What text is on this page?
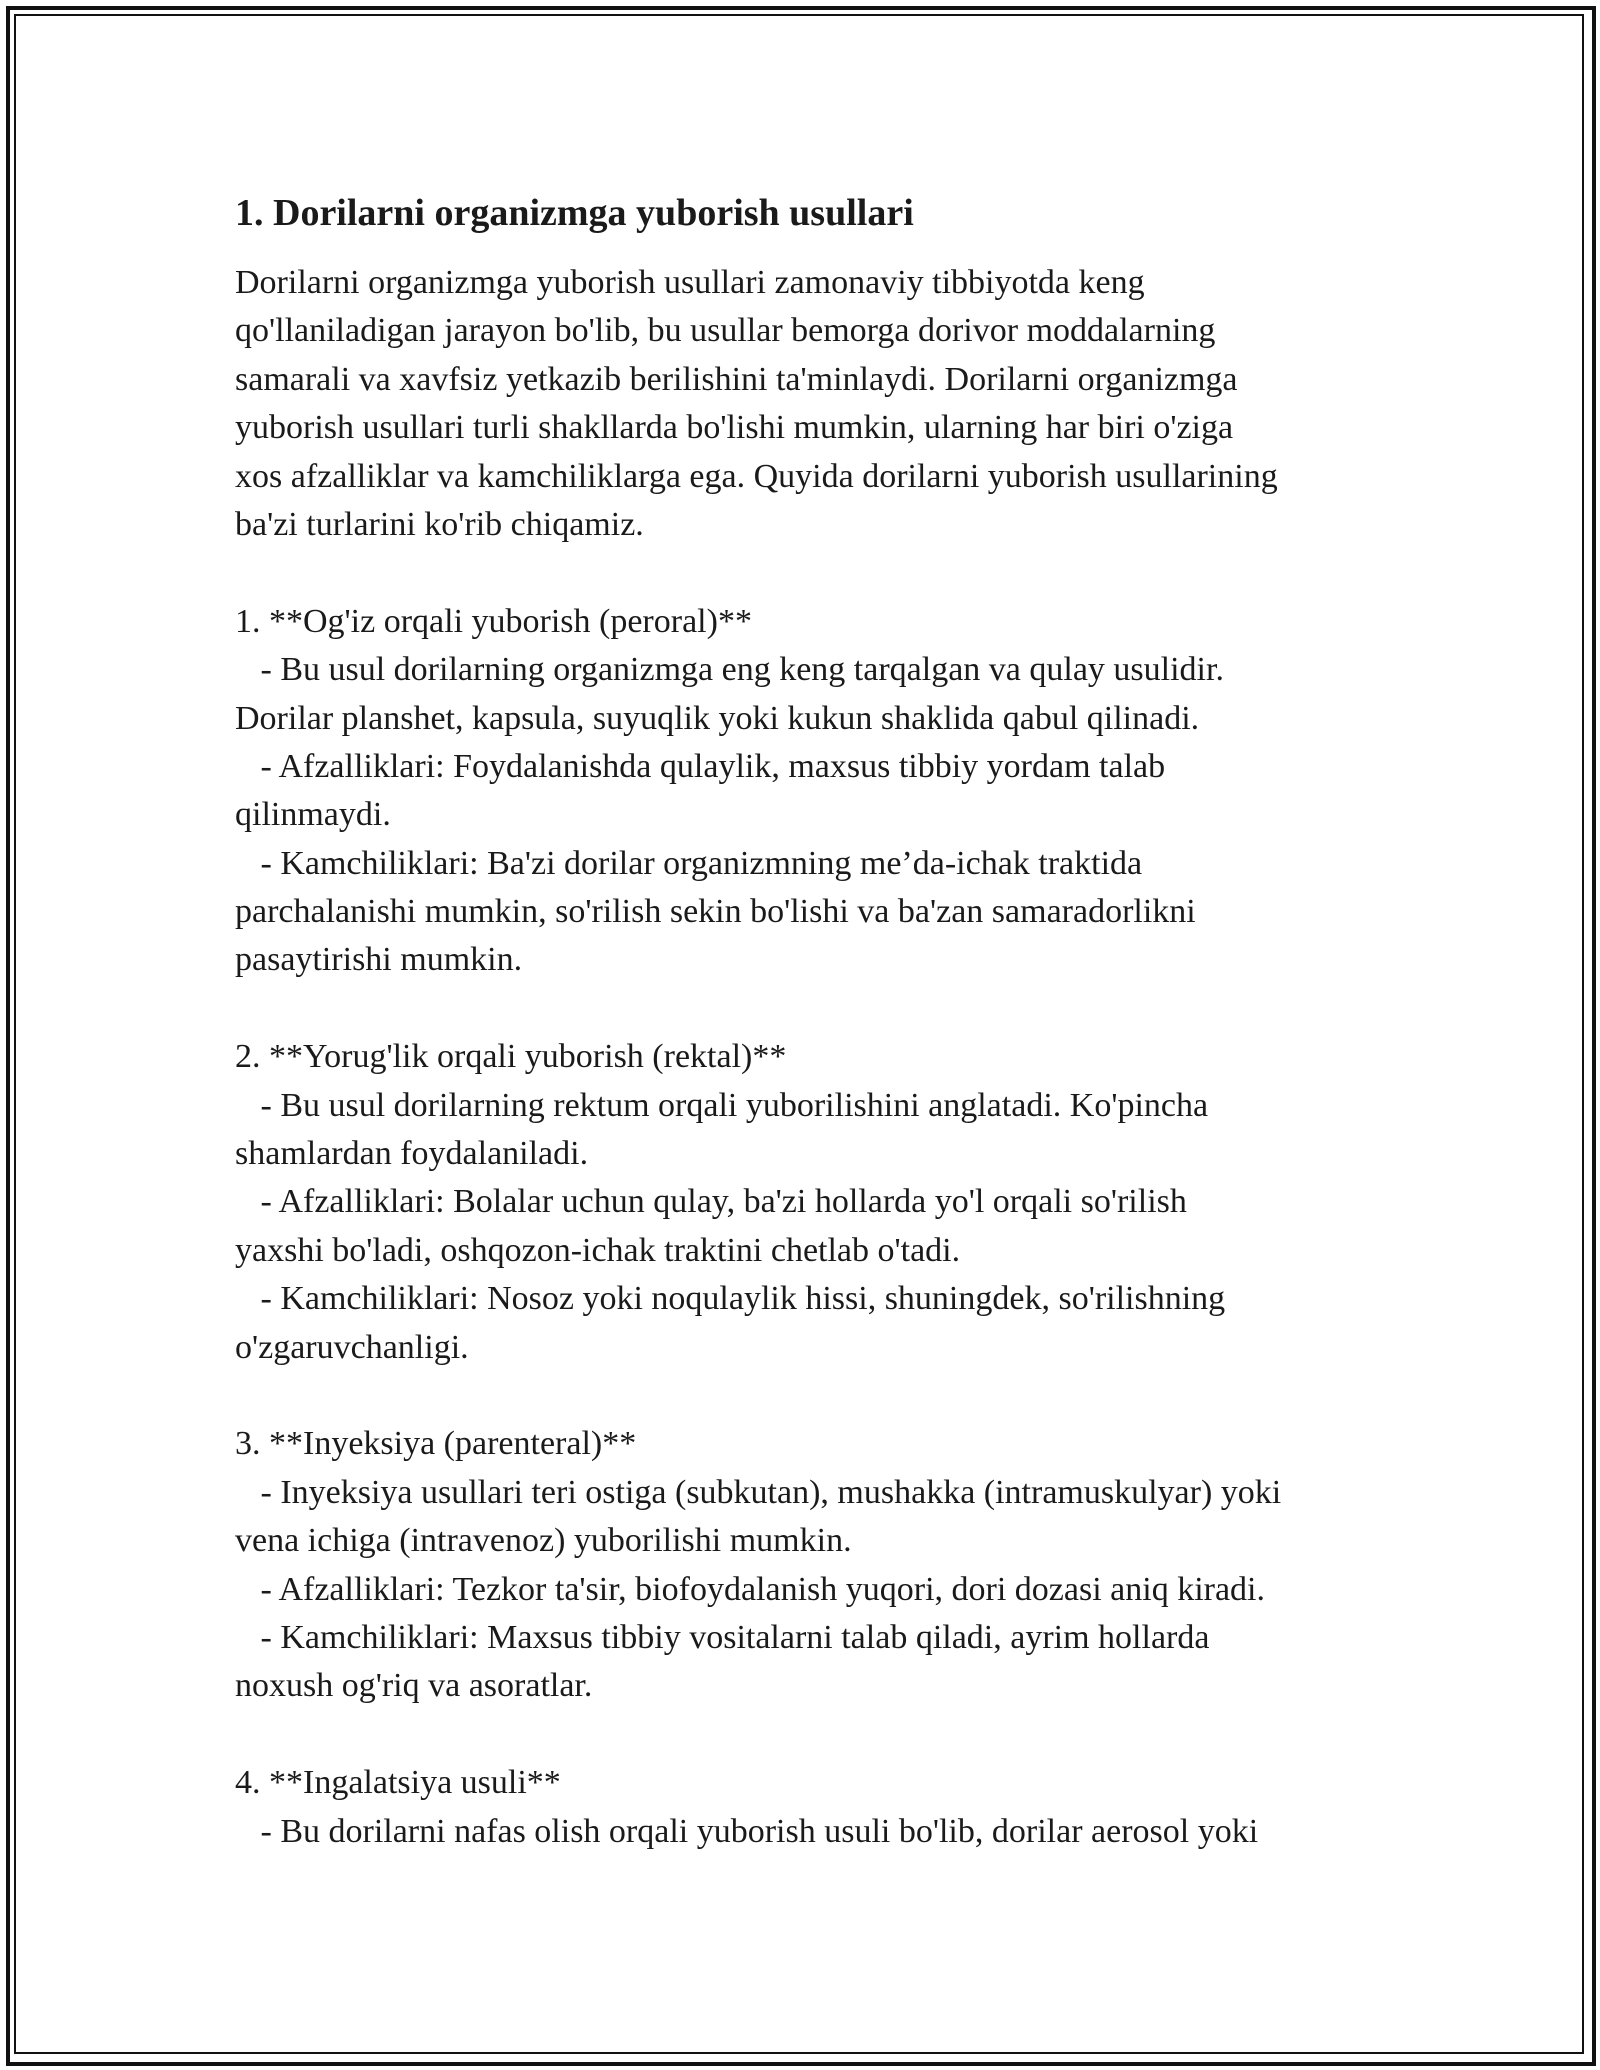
1. Dorilarni organizmga yuborish usullari
Dorilarni organizmga yuborish usullari zamonaviy tibbiyotda keng
qo'llaniladigan jarayon bo'lib, bu usullar bemorga dorivor moddalarning
samarali va xavfsiz yetkazib berilishini ta'minlaydi. Dorilarni organizmga
yuborish usullari turli shakllarda bo'lishi mumkin, ularning har biri o'ziga
xos afzalliklar va kamchiliklarga ega. Quyida dorilarni yuborish usullarining
ba'zi turlarini ko'rib chiqamiz.
1. **Og'iz orqali yuborish (peroral)**
- Bu usul dorilarning organizmga eng keng tarqalgan va qulay usulidir.
Dorilar planshet, kapsula, suyuqlik yoki kukun shaklida qabul qilinadi.
- Afzalliklari: Foydalanishda qulaylik, maxsus tibbiy yordam talab
qilinmaydi.
- Kamchiliklari: Ba'zi dorilar organizmning me’da-ichak traktida
parchalanishi mumkin, so'rilish sekin bo'lishi va ba'zan samaradorlikni
pasaytirishi mumkin.
2. **Yorug'lik orqali yuborish (rektal)**
- Bu usul dorilarning rektum orqali yuborilishini anglatadi. Ko'pincha
shamlardan foydalaniladi.
- Afzalliklari: Bolalar uchun qulay, ba'zi hollarda yo'l orqali so'rilish
yaxshi bo'ladi, oshqozon-ichak traktini chetlab o'tadi.
- Kamchiliklari: Nosoz yoki noqulaylik hissi, shuningdek, so'rilishning
o'zgaruvchanligi.
3. **Inyeksiya (parenteral)**
- Inyeksiya usullari teri ostiga (subkutan), mushakka (intramuskulyar) yoki
vena ichiga (intravenoz) yuborilishi mumkin.
- Afzalliklari: Tezkor ta'sir, biofoydalanish yuqori, dori dozasi aniq kiradi.
- Kamchiliklari: Maxsus tibbiy vositalarni talab qiladi, ayrim hollarda
noxush og'riq va asoratlar.
4. **Ingalatsiya usuli**
- Bu dorilarni nafas olish orqali yuborish usuli bo'lib, dorilar aerosol yoki
